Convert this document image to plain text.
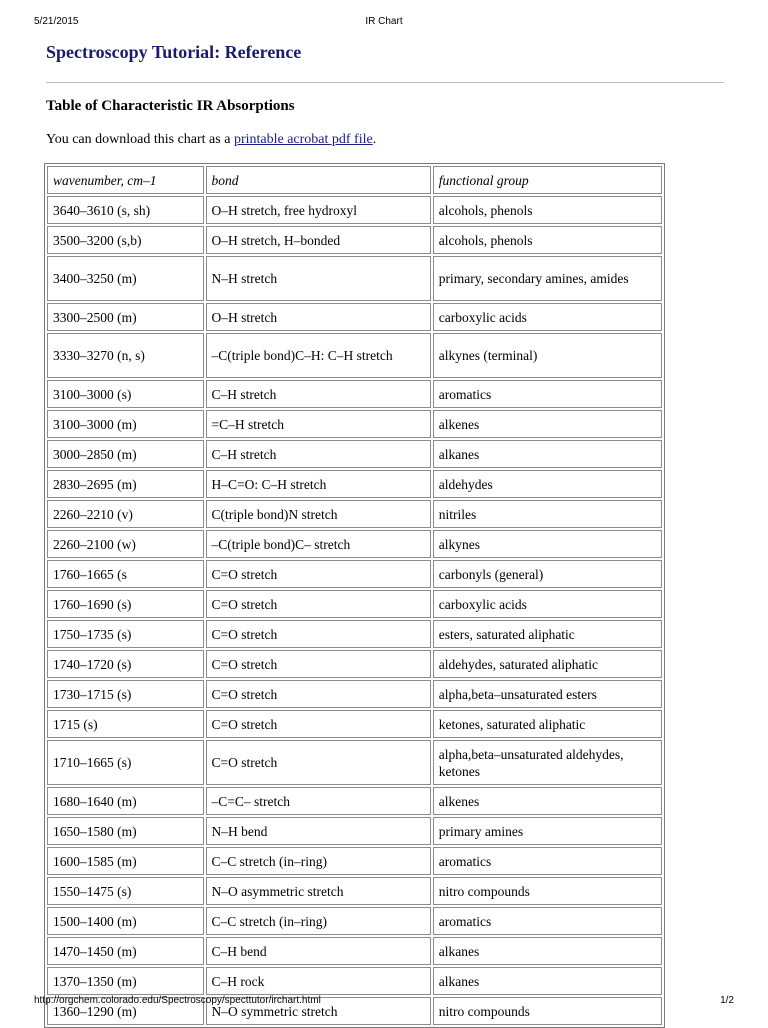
5/21/2015	IR Chart
Spectroscopy Tutorial: Reference
Table of Characteristic IR Absorptions

You can download this chart as a printable acrobat pdf file.

wavenumber, cm–1	bond	functional group
3640–3610 (s, sh)	O–H stretch, free hydroxyl	alcohols, phenols
3500–3200 (s,b)	O–H stretch, H–bonded	alcohols, phenols
3400–3250 (m)	N–H stretch	primary, secondary amines, amides
3300–2500 (m)	O–H stretch	carboxylic acids
3330–3270 (n, s)	–C(triple bond)C–H: C–H stretch	alkynes (terminal)
3100–3000 (s)	C–H stretch	aromatics
3100–3000 (m)	=C–H stretch	alkenes
3000–2850 (m)	C–H stretch	alkanes
2830–2695 (m)	H–C=O: C–H stretch	aldehydes
2260–2210 (v)	C(triple bond)N stretch	nitriles
2260–2100 (w)	–C(triple bond)C– stretch	alkynes
1760–1665 (s	C=O stretch	carbonyls (general)
1760–1690 (s)	C=O stretch	carboxylic acids
1750–1735 (s)	C=O stretch	esters, saturated aliphatic
1740–1720 (s)	C=O stretch	aldehydes, saturated aliphatic
1730–1715 (s)	C=O stretch	alpha,beta–unsaturated esters
1715 (s)	C=O stretch	ketones, saturated aliphatic
1710–1665 (s)	C=O stretch	alpha,beta–unsaturated aldehydes, ketones
1680–1640 (m)	–C=C– stretch	alkenes
1650–1580 (m)	N–H bend	primary amines
1600–1585 (m)	C–C stretch (in–ring)	aromatics
1550–1475 (s)	N–O asymmetric stretch	nitro compounds
1500–1400 (m)	C–C stretch (in–ring)	aromatics
1470–1450 (m)	C–H bend	alkanes
1370–1350 (m)	C–H rock	alkanes
1360–1290 (m)	N–O symmetric stretch	nitro compounds
http://orgchem.colorado.edu/Spectroscopy/specttutor/irchart.html	1/2
